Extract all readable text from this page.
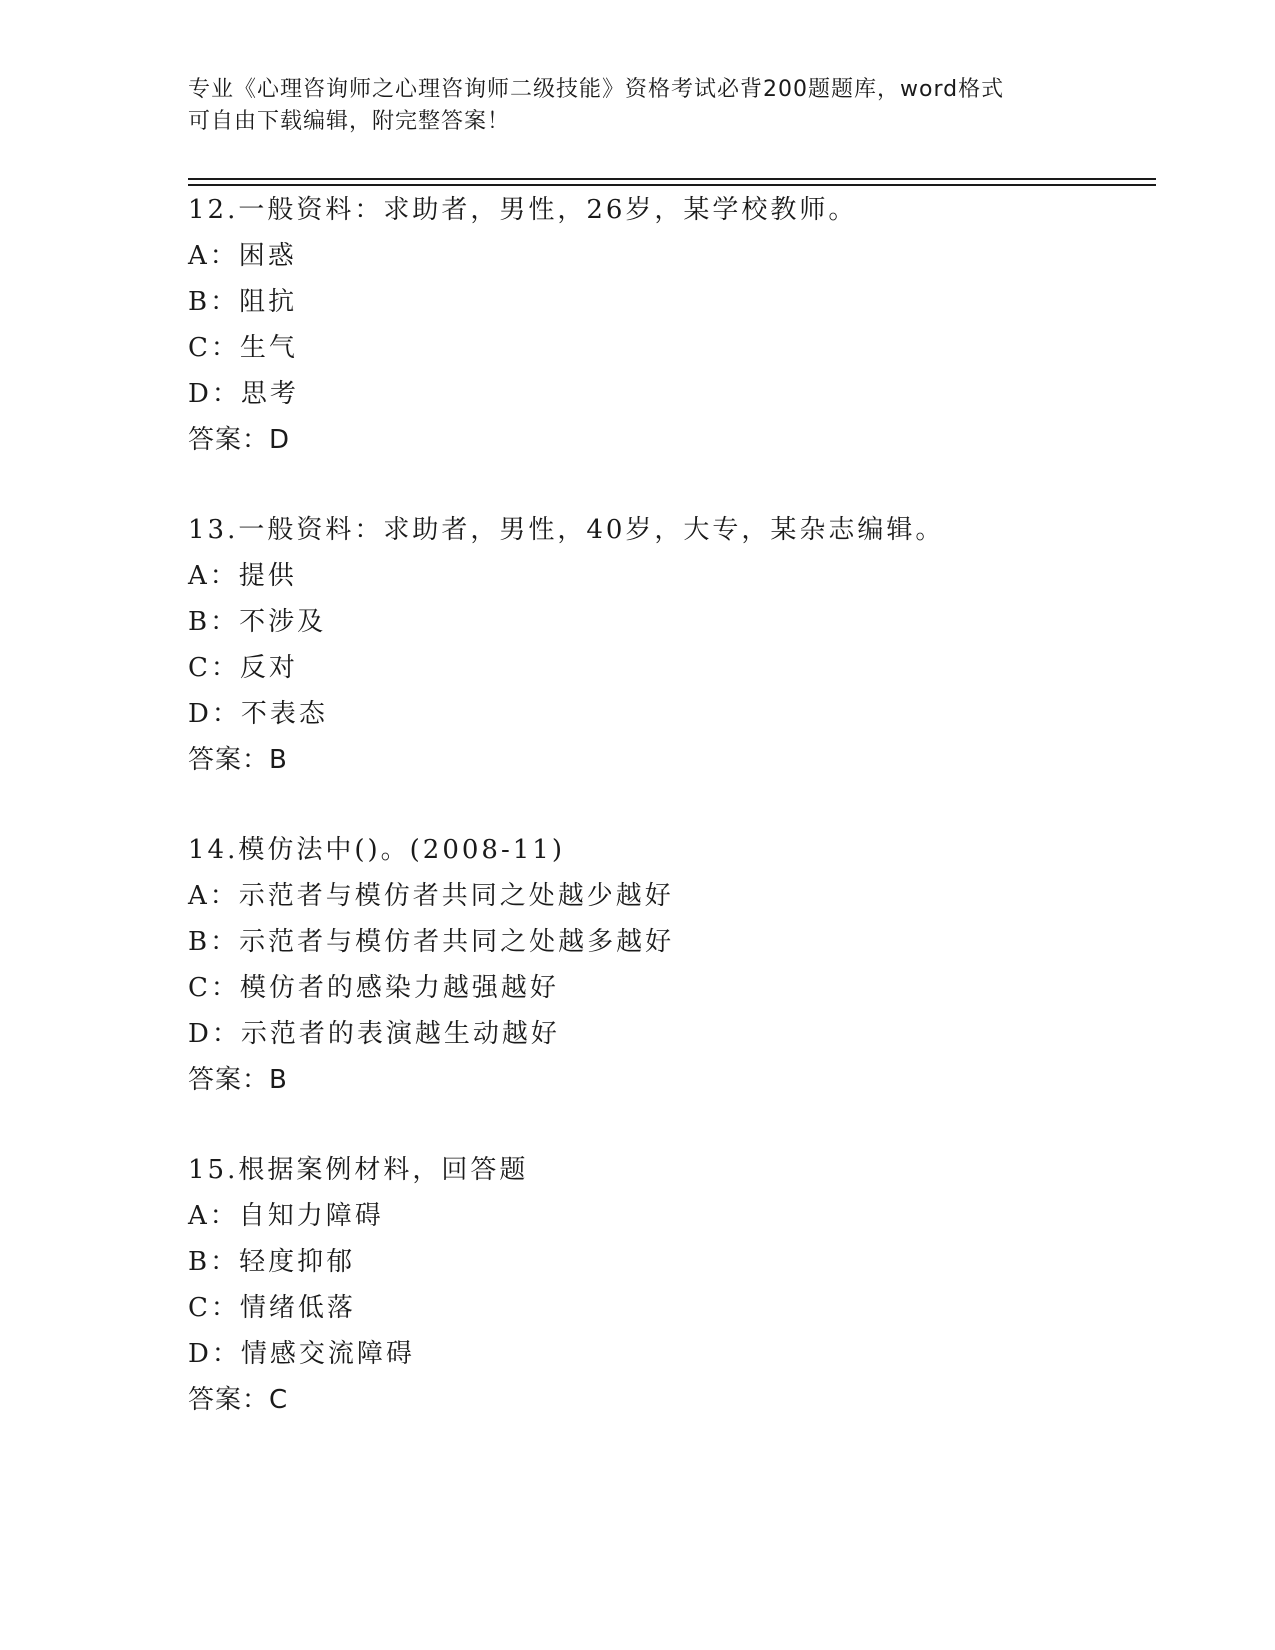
专业《心理咨询师之心理咨询师二级技能》资格考试必背200题题库，word格式
可自由下载编辑，附完整答案！
12.一般资料：求助者，男性，26岁，某学校教师。
A：困惑
B：阻抗
C：生气
D：思考
答案：D
13.一般资料：求助者，男性，40岁，大专，某杂志编辑。
A：提供
B：不涉及
C：反对
D：不表态
答案：B
14.模仿法中()。(2008-11)
A：示范者与模仿者共同之处越少越好
B：示范者与模仿者共同之处越多越好
C：模仿者的感染力越强越好
D：示范者的表演越生动越好
答案：B
15.根据案例材料，回答题
A：自知力障碍
B：轻度抑郁
C：情绪低落
D：情感交流障碍
答案：C
